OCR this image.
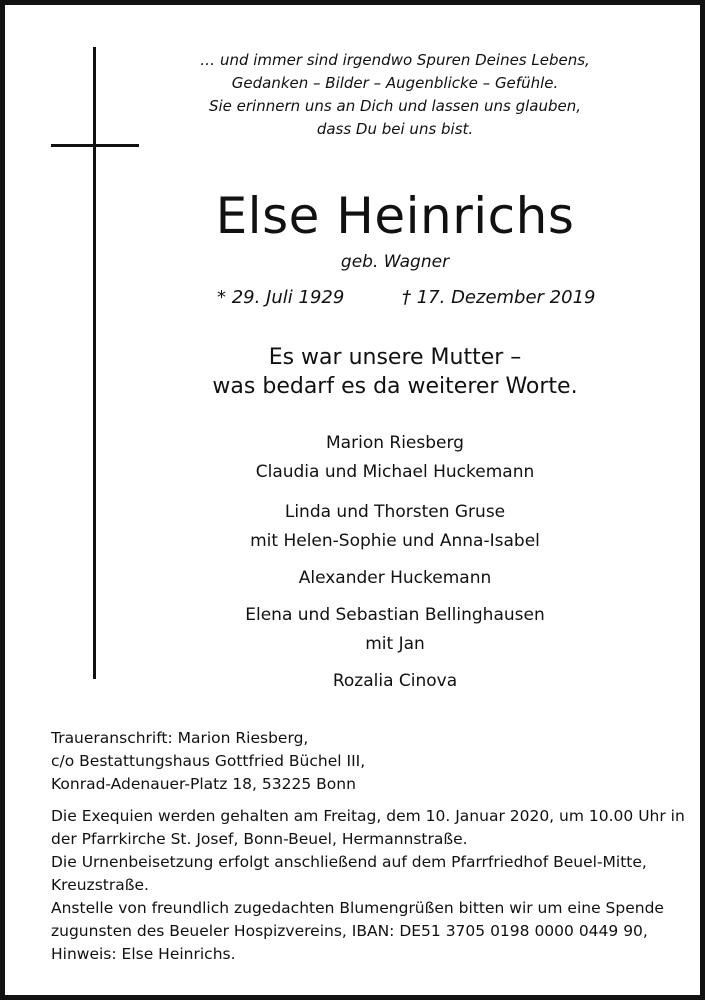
… und immer sind irgendwo Spuren Deines Lebens,
Gedanken – Bilder – Augenblicke – Gefühle.
Sie erinnern uns an Dich und lassen uns glauben,
dass Du bei uns bist.
Else Heinrichs
geb. Wagner
* 29. Juli 1929	† 17. Dezember 2019
Es war unsere Mutter –
was bedarf es da weiterer Worte.
Marion Riesberg
Claudia und Michael Huckemann
Linda und Thorsten Gruse
mit Helen-Sophie und Anna-Isabel
Alexander Huckemann
Elena und Sebastian Bellinghausen
mit Jan
Rozalia Cinova
Traueranschrift: Marion Riesberg,
c/o Bestattungshaus Gottfried Büchel III,
Konrad-Adenauer-Platz 18, 53225 Bonn
Die Exequien werden gehalten am Freitag, dem 10. Januar 2020, um 10.00 Uhr in
der Pfarrkirche St. Josef, Bonn-Beuel, Hermannstraße.
Die Urnenbeisetzung erfolgt anschließend auf dem Pfarrfriedhof Beuel-Mitte,
Kreuzstraße.
Anstelle von freundlich zugedachten Blumengrüßen bitten wir um eine Spende
zugunsten des Beueler Hospizvereins, IBAN: DE51 3705 0198 0000 0449 90,
Hinweis: Else Heinrichs.
